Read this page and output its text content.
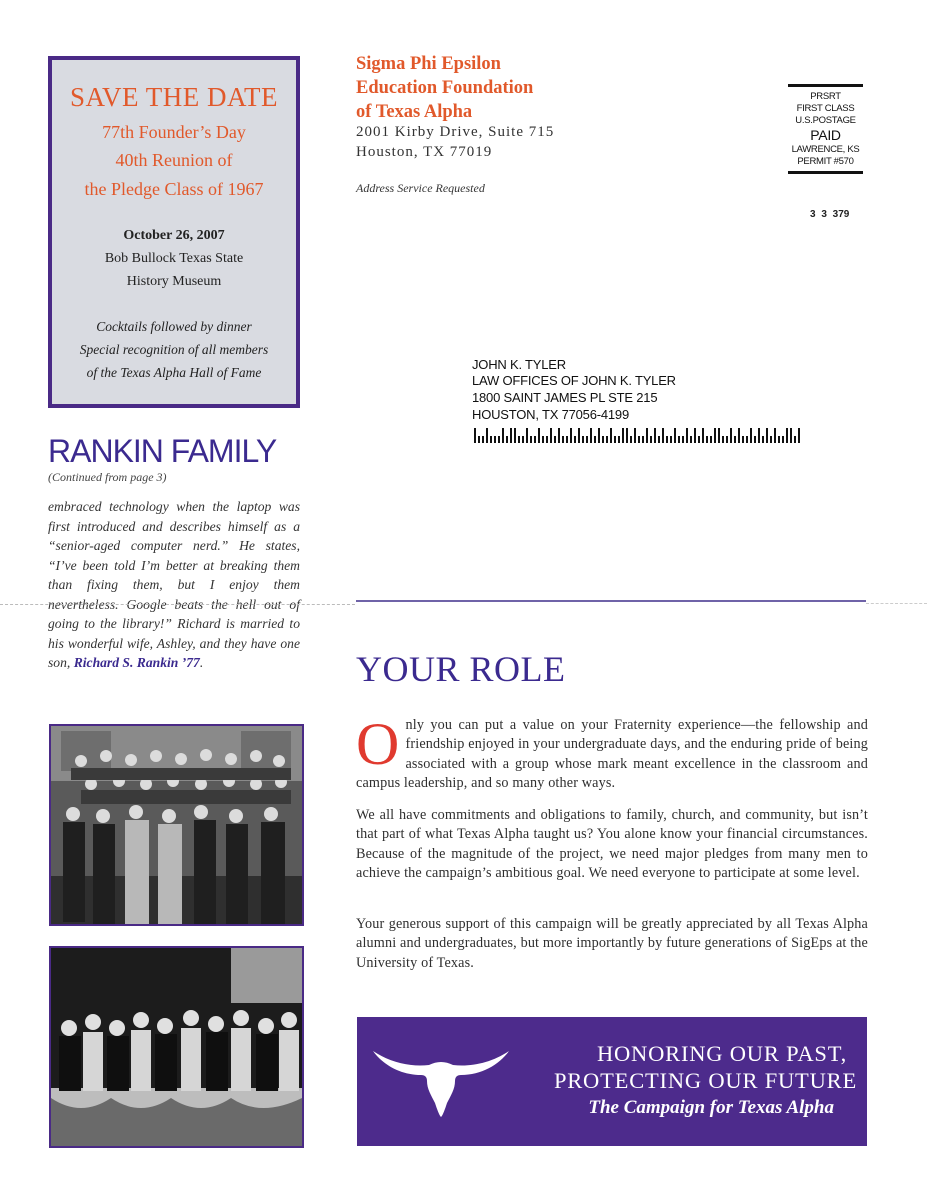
SAVE THE DATE
77th Founder’s Day
40th Reunion of
the Pledge Class of 1967
October 26, 2007
Bob Bullock Texas State
History Museum
Cocktails followed by dinner
Special recognition of all members
of the Texas Alpha Hall of Fame
Sigma Phi Epsilon
Education Foundation
of Texas Alpha
2001 Kirby Drive, Suite 715
Houston, TX 77019
Address Service Requested
PRSRT
FIRST CLASS
U.S.POSTAGE
PAID
LAWRENCE, KS
PERMIT #570
3 3 379
JOHN K. TYLER
LAW OFFICES OF JOHN K. TYLER
1800 SAINT JAMES PL STE 215
HOUSTON, TX 77056-4199
RANKIN FAMILY
(Continued from page 3)
embraced technology when the laptop was first introduced and describes himself as a “senior-aged computer nerd.” He states, “I’ve been told I’m better at breaking them than fixing them, but I enjoy them nevertheless. Google beats the hell out of going to the library!” Richard is married to his wonderful wife, Ashley, and they have one son, Richard S. Rankin ’77.	YOUR ROLE
Only you can put a value on your Fraternity experience—the fellowship and friendship enjoyed in your undergraduate days, and the enduring pride of being associated with a group whose mark meant excellence in the classroom and campus leadership, and so many other ways.
We all have commitments and obligations to family, church, and community, but isn’t that part of what Texas Alpha taught us? You alone know your financial circumstances. Because of the magnitude of the project, we need major pledges from many men to achieve the campaign’s ambitious goal. We need everyone to participate at some level.
Your generous support of this campaign will be greatly appreciated by all Texas Alpha alumni and undergraduates, but more importantly by future generations of SigEps at the University of Texas.
HONORING OUR PAST,
PROTECTING OUR FUTURE
The Campaign for Texas Alpha
